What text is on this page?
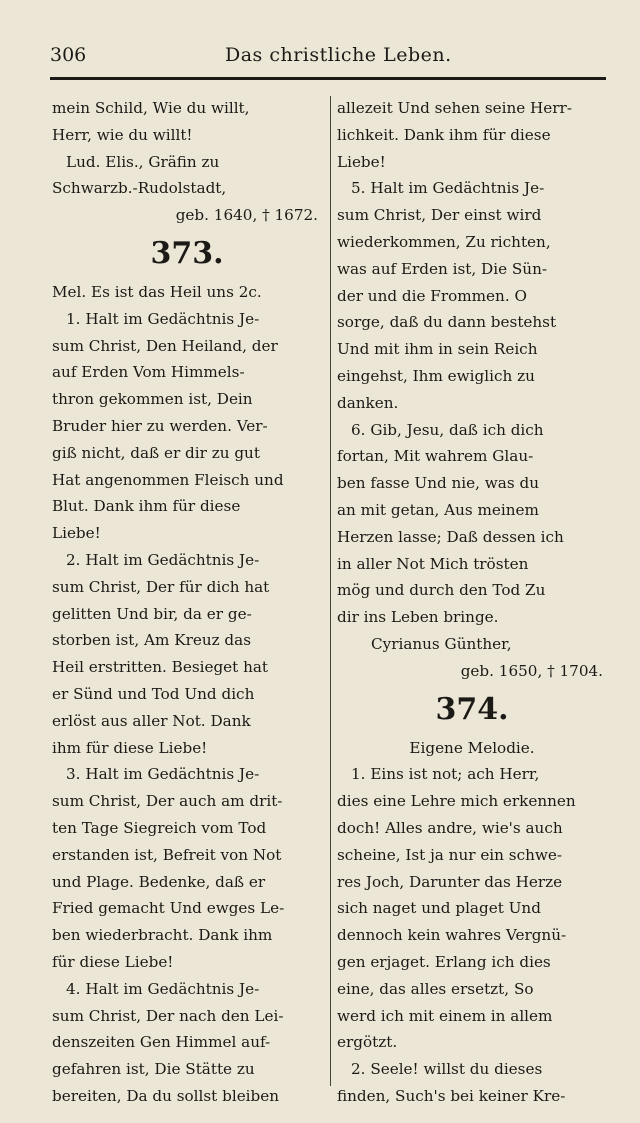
306	Das christliche Leben.
mein Schild, Wie du willt,
Herr, wie du willt!
Lud. Elis., Gräfin zu
Schwarzb.-Rudolstadt,
geb. 1640, † 1672.
373.
Mel. Es ist das Heil uns 2c.
1. Halt im Gedächtnis Je-
sum Christ, Den Heiland, der
auf Erden Vom Himmels-
thron gekommen ist, Dein
Bruder hier zu werden. Ver-
giß nicht, daß er dir zu gut
Hat angenommen Fleisch und
Blut. Dank ihm für diese
Liebe!
2. Halt im Gedächtnis Je-
sum Christ, Der für dich hat
gelitten Und bir, da er ge-
storben ist, Am Kreuz das
Heil erstritten. Besieget hat
er Sünd und Tod Und dich
erlöst aus aller Not. Dank
ihm für diese Liebe!
3. Halt im Gedächtnis Je-
sum Christ, Der auch am drit-
ten Tage Siegreich vom Tod
erstanden ist, Befreit von Not
und Plage. Bedenke, daß er
Fried gemacht Und ewges Le-
ben wiederbracht. Dank ihm
für diese Liebe!
4. Halt im Gedächtnis Je-
sum Christ, Der nach den Lei-
denszeiten Gen Himmel auf-
gefahren ist, Die Stätte zu
bereiten, Da du sollst bleiben
allezeit Und sehen seine Herr-
lichkeit. Dank ihm für diese
Liebe!
5. Halt im Gedächtnis Je-
sum Christ, Der einst wird
wiederkommen, Zu richten,
was auf Erden ist, Die Sün-
der und die Frommen. O
sorge, daß du dann bestehst
Und mit ihm in sein Reich
eingehst, Ihm ewiglich zu
danken.
6. Gib, Jesu, daß ich dich
fortan, Mit wahrem Glau-
ben fasse Und nie, was du
an mit getan, Aus meinem
Herzen lasse; Daß dessen ich
in aller Not Mich trösten
mög und durch den Tod Zu
dir ins Leben bringe.
Cyrianus Günther,
geb. 1650, † 1704.
374.
Eigene Melodie.
1. Eins ist not; ach Herr,
dies eine Lehre mich erkennen
doch! Alles andre, wie's auch
scheine, Ist ja nur ein schwe-
res Joch, Darunter das Herze
sich naget und plaget Und
dennoch kein wahres Vergnü-
gen erjaget. Erlang ich dies
eine, das alles ersetzt, So
werd ich mit einem in allem
ergötzt.
2. Seele! willst du dieses
finden, Such's bei keiner Kre-
